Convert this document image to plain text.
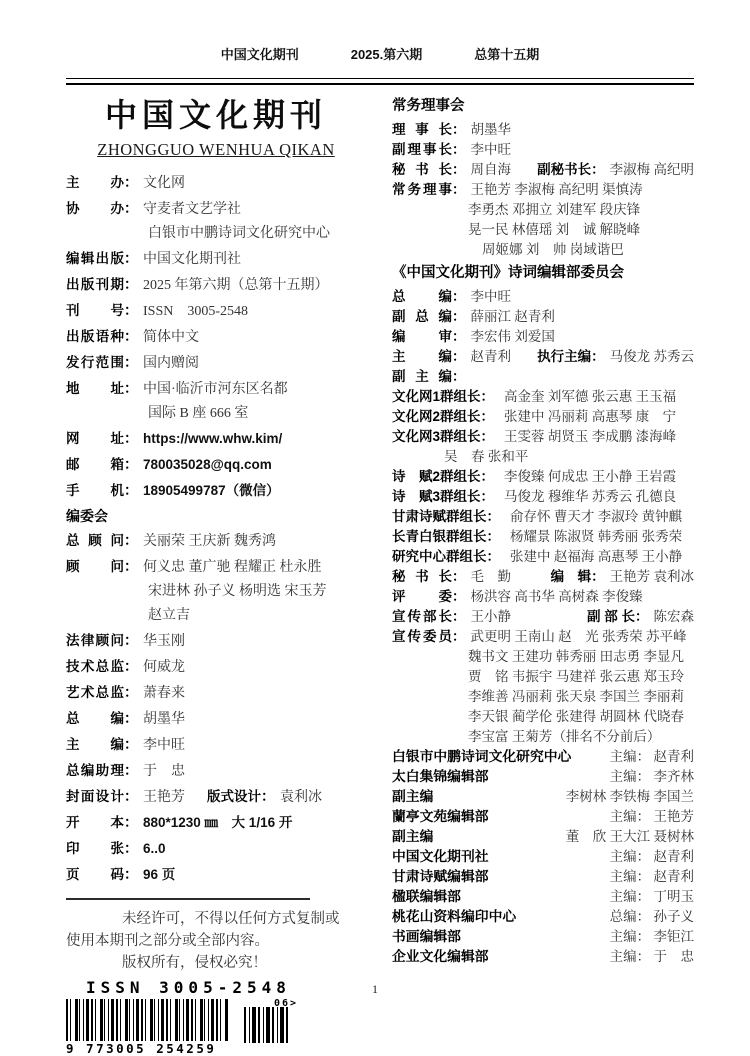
中国文化期刊	2025.第六期	总第十五期
中国文化期刊
ZHONGGUO WENHUA QIKAN
主办： 文化网
协办： 守麦者文艺学社
白银市中鹏诗词文化研究中心
编辑出版： 中国文化期刊社
出版刊期： 2025 年第六期（总第十五期）
刊号： ISSN　3005-2548
出版语种： 简体中文
发行范围： 国内赠阅
地址： 中国·临沂市河东区名都
国际 B 座 666 室
网址： https://www.whw.kim/
邮箱： 780035028@qq.com
手机： 18905499787（微信）
编委会
总顾问： 关丽荣 王庆新 魏秀鸿
顾问： 何义忠 董广驰 程耀正 杜永胜
宋进林 孙子义 杨明选 宋玉芳
赵立吉
法律顾问： 华玉刚
技术总监： 何威龙
艺术总监： 萧春来
总编： 胡墨华
主编： 李中旺
总编助理： 于　忠
封面设计： 王艳芳 版式设计： 袁利冰
开本： 880*1230 ㎜　大 1/16 开
印张： 6..0
页码： 96 页
未经许可，不得以任何方式复制或
使用本期刊之部分或全部内容。
版权所有，侵权必究！
ISSN 3005-2548
9 773005 254259
06>
常务理事会
理事长： 胡墨华
副理事长： 李中旺
秘书长： 周自海 副秘书长： 李淑梅 高纪明
常务理事： 王艳芳 李淑梅 高纪明 渠慎涛
李勇杰 邓拥立 刘建军 段庆锋
晃一民 林僖瑶 刘　诚 解晓峰
周姬娜 刘　帅 岗域谐巴
《中国文化期刊》诗词编辑部委员会
总编： 李中旺
副总编： 薛丽江 赵青利
编审： 李宏伟 刘爱国
主编： 赵青利 执行主编： 马俊龙 苏秀云
副主编：
文化网1群组长： 高金奎 刘军德 张云惠 王玉福
文化网2群组长： 张建中 冯丽莉 高惠琴 康　宁
文化网3群组长： 王雯蓉 胡贤玉 李成鹏 漆海峰
吴　春 张和平
诗　赋2群组长： 李俊臻 何成忠 王小静 王岩霞
诗　赋3群组长： 马俊龙 穆维华 苏秀云 孔德良
甘肃诗赋群组长： 俞存怀 曹天才 李淑玲 黄钟麒
长青白银群组长： 杨耀景 陈淑贤 韩秀丽 张秀荣
研究中心群组长： 张建中 赵福海 高惠琴 王小静
秘书长： 毛　勤	编　辑： 王艳芳 袁利冰
评委： 杨洪容 高书华 高树森 李俊臻
宣传部长： 王小静	副 部 长： 陈宏森
宣传委员： 武更明 王南山 赵　光 张秀荣 苏平峰
魏书文 王建功 韩秀丽 田志勇 李显凡
贾　铭 韦振宇 马建祥 张云惠 郑玉玲
李维善 冯丽莉 张天泉 李国兰 李丽莉
李天银 蔺学伦 张建得 胡圆林 代晓春
李宝富 王菊芳（排名不分前后）
白银市中鹏诗词文化研究中心	主编： 赵青利
太白集锦编辑部	主编： 李齐林
副主编	李树林 李铁梅 李国兰
蘭亭文苑编辑部	主编： 王艳芳
副主编	董　欣 王大江 聂树林
中国文化期刊社	主编： 赵青利
甘肃诗赋编辑部	主编： 赵青利
楹联编辑部	主编： 丁明玉
桃花山资料编印中心	总编： 孙子义
书画编辑部	主编： 李钜江
企业文化编辑部	主编： 于　忠
1
